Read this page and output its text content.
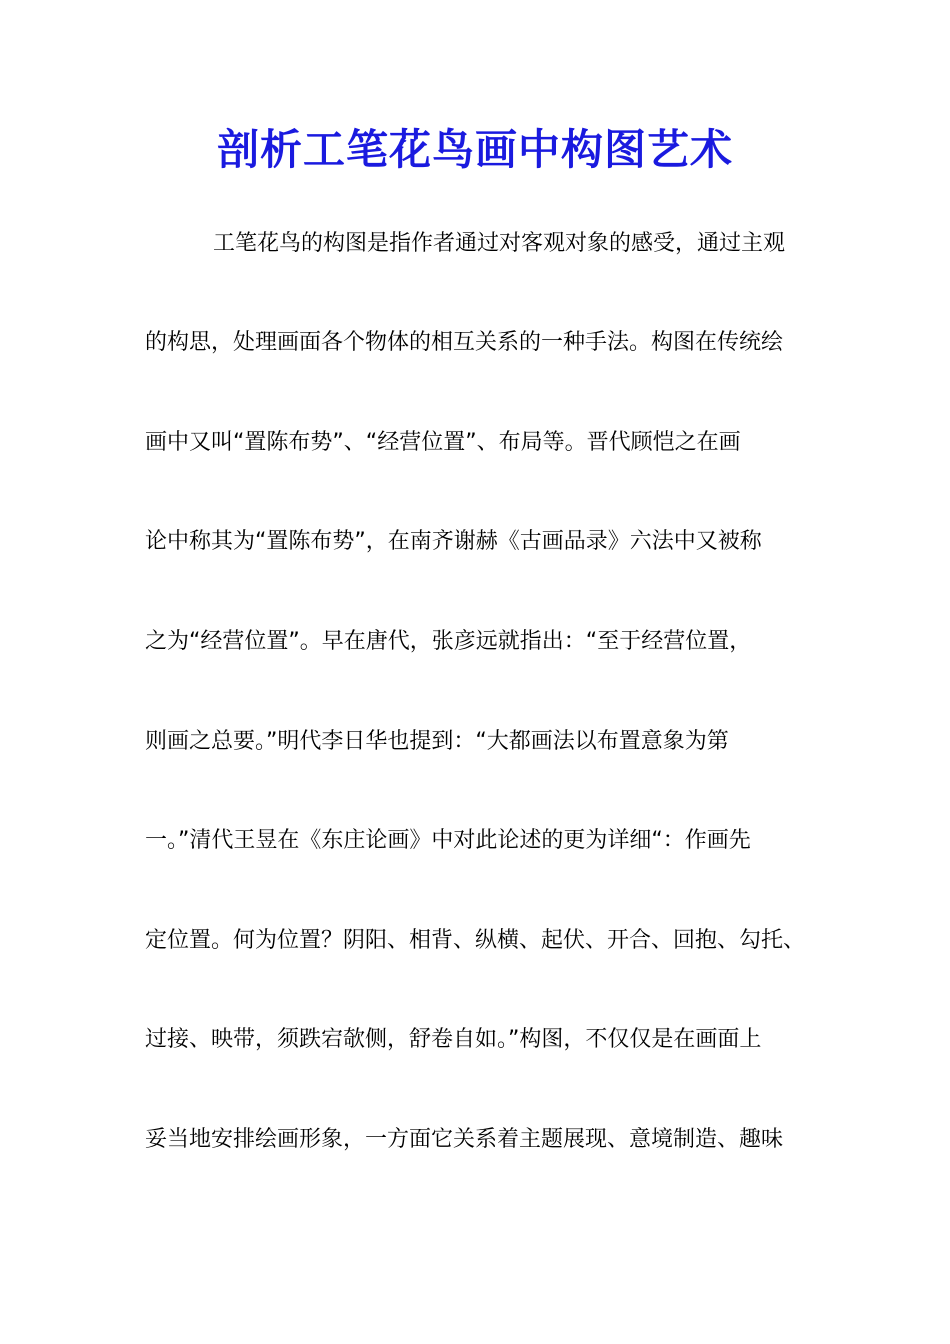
剖析工笔花鸟画中构图艺术
工笔花鸟的构图是指作者通过对客观对象的感受，通过主观
的构思，处理画面各个物体的相互关系的一种手法。构图在传统绘
画中又叫“置陈布势”、“经营位置”、布局等。晋代顾恺之在画
论中称其为“置陈布势”，在南齐谢赫《古画品录》六法中又被称
之为“经营位置”。早在唐代，张彦远就指出：“至于经营位置，
则画之总要。”明代李日华也提到：“大都画法以布置意象为第
一。”清代王昱在《东庄论画》中对此论述的更为详细“：作画先
定位置。何为位置？阴阳、相背、纵横、起伏、开合、回抱、勾托、
过接、映带，须跌宕欹侧，舒卷自如。”构图，不仅仅是在画面上
妥当地安排绘画形象，一方面它关系着主题展现、意境制造、趣味
